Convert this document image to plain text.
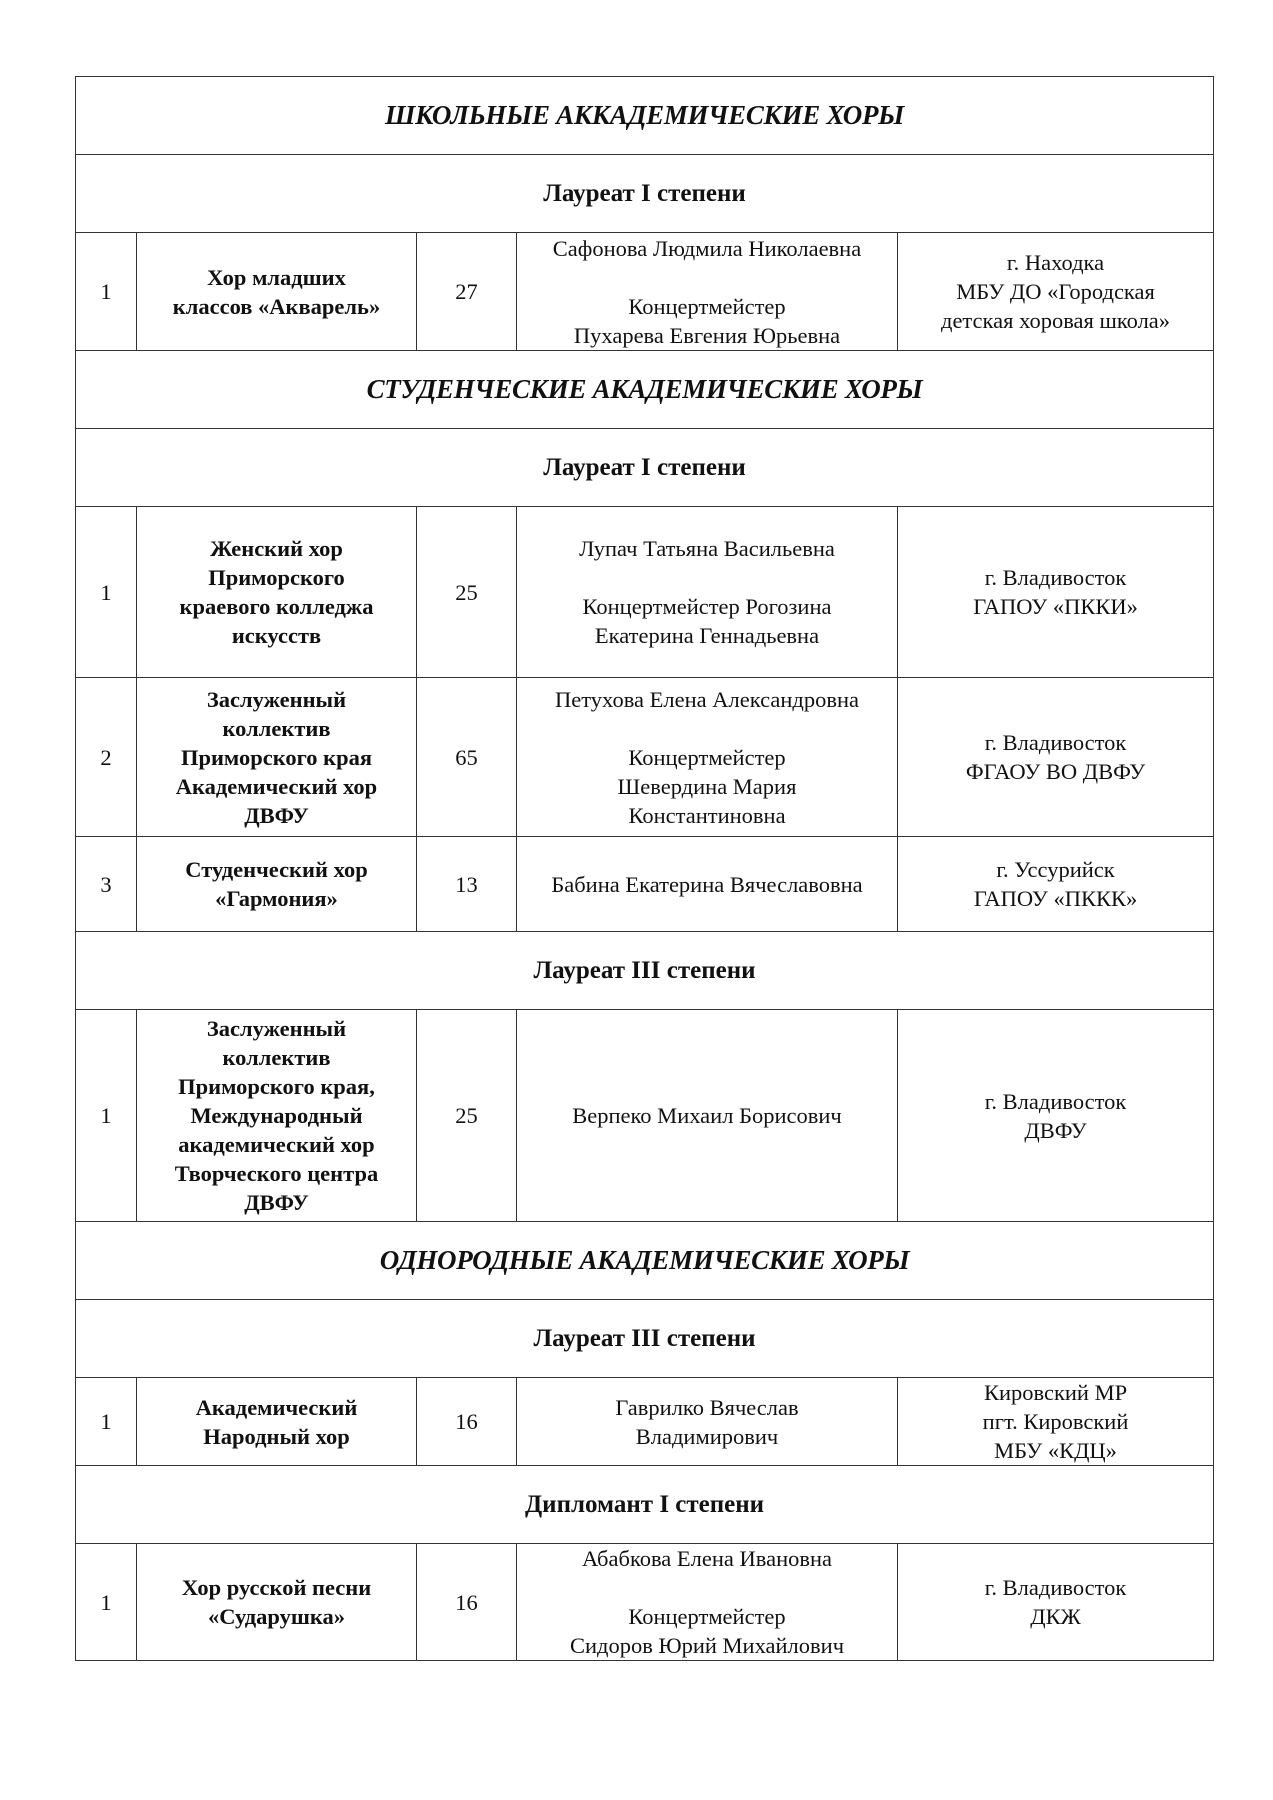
ШКОЛЬНЫЕ АККАДЕМИЧЕСКИЕ ХОРЫ				
Лауреат I степени				
1	Хор младших
классов «Акварель»	27	Сафонова Людмила Николаевна
Концертмейстер
Пухарева Евгения Юрьевна	г. Находка
МБУ ДО «Городская
детская хоровая школа»

СТУДЕНЧЕСКИЕ АКАДЕМИЧЕСКИЕ ХОРЫ				
Лауреат I степени				
1	Женский хор
Приморского
краевого колледжа
искусств	25	Лупач Татьяна Васильевна
Концертмейстер Рогозина
Екатерина Геннадьевна	г. Владивосток
ГАПОУ «ПККИ»

2	Заслуженный
коллектив
Приморского края
Академический хор
ДВФУ	65	Петухова Елена Александровна
Концертмейстер
Шевердина Мария
Константиновна	г. Владивосток
ФГАОУ ВО ДВФУ

3	Студенческий хор
«Гармония»	13	Бабина Екатерина Вячеславовна	г. Уссурийск
ГАПОУ «ПККК»

Лауреат III степени				
1	
Заслуженный
коллектив
Приморского края,
Международный
академический хор
Творческого центра
ДВФУ
	25	Верпеко Михаил Борисович	
г. Владивосток
ДВФУ

ОДНОРОДНЫЕ АКАДЕМИЧЕСКИЕ ХОРЫ				
Лауреат III степени				
1	Академический
Народный хор	16	Гаврилко Вячеслав
Владимирович	Кировский МР
пгт. Кировский
МБУ «КДЦ»

Дипломант I степени				
1	Хор русской песни
«Сударушка»	16	Абабкова Елена Ивановна
Концертмейстер
Сидоров Юрий Михайлович	г. Владивосток
ДКЖ
